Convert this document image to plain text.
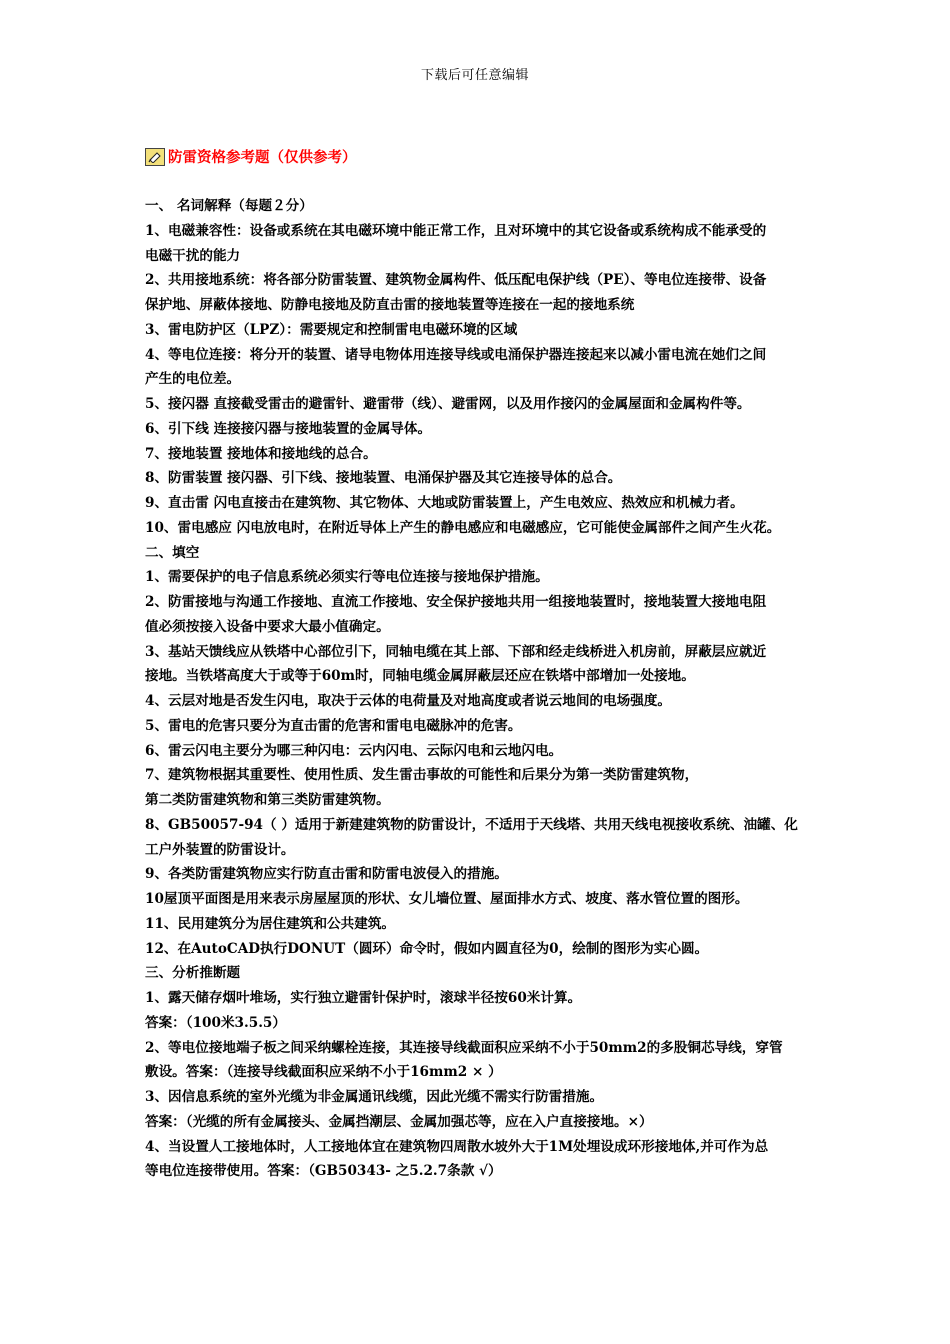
下载后可任意编辑
防雷资格参考题（仅供参考）
一、 名词解释（每题２分）
1、电磁兼容性：设备或系统在其电磁环境中能正常工作，且对环境中的其它设备或系统构成不能承受的
电磁干扰的能力
2、共用接地系统：将各部分防雷装置、建筑物金属构件、低压配电保护线（PE）、等电位连接带、设备
保护地、屏蔽体接地、防静电接地及防直击雷的接地装置等连接在一起的接地系统
3、雷电防护区（LPZ）：需要规定和控制雷电电磁环境的区域
4、等电位连接：将分开的装置、诸导电物体用连接导线或电涌保护器连接起来以减小雷电流在她们之间
产生的电位差。
5、接闪器 直接截受雷击的避雷针、避雷带（线）、避雷网，以及用作接闪的金属屋面和金属构件等。
6、引下线 连接接闪器与接地装置的金属导体。
7、接地装置 接地体和接地线的总合。
8、防雷装置 接闪器、引下线、接地装置、电涌保护器及其它连接导体的总合。
9、直击雷 闪电直接击在建筑物、其它物体、大地或防雷装置上，产生电效应、热效应和机械力者。
10、雷电感应 闪电放电时，在附近导体上产生的静电感应和电磁感应，它可能使金属部件之间产生火花。
二、填空
1、需要保护的电子信息系统必须实行等电位连接与接地保护措施。
2、防雷接地与沟通工作接地、直流工作接地、安全保护接地共用一组接地装置时，接地装置大接地电阻
值必须按接入设备中要求大最小值确定。
3、基站天馈线应从铁塔中心部位引下，同轴电缆在其上部、下部和经走线桥进入机房前，屏蔽层应就近
接地。当铁塔高度大于或等于60m时，同轴电缆金属屏蔽层还应在铁塔中部增加一处接地。
4、云层对地是否发生闪电，取决于云体的电荷量及对地高度或者说云地间的电场强度。
5、雷电的危害只要分为直击雷的危害和雷电电磁脉冲的危害。
6、雷云闪电主要分为哪三种闪电：云内闪电、云际闪电和云地闪电。
7、建筑物根据其重要性、使用性质、发生雷击事故的可能性和后果分为第一类防雷建筑物，
第二类防雷建筑物和第三类防雷建筑物。
8、GB50057-94（ ）适用于新建建筑物的防雷设计，不适用于天线塔、共用天线电视接收系统、油罐、化
工户外装置的防雷设计。
9、各类防雷建筑物应实行防直击雷和防雷电波侵入的措施。
10屋顶平面图是用来表示房屋屋顶的形状、女儿墙位置、屋面排水方式、坡度、落水管位置的图形。
11、民用建筑分为居住建筑和公共建筑。
12、在AutoCAD执行DONUT（圆环）命令时，假如内圆直径为0，绘制的图形为实心圆。
三、分析推断题
1、露天储存烟叶堆场，实行独立避雷针保护时，滚球半径按60米计算。
答案：（100米3.5.5）
2、等电位接地端子板之间采纳螺栓连接，其连接导线截面积应采纳不小于50mm2的多股铜芯导线，穿管
敷设。答案：（连接导线截面积应采纳不小于16mm2 × ）
3、因信息系统的室外光缆为非金属通讯线缆，因此光缆不需实行防雷措施。
答案：（光缆的所有金属接头、金属挡潮层、金属加强芯等，应在入户直接接地。×）
4、当设置人工接地体时，人工接地体宜在建筑物四周散水坡外大于1M处埋设成环形接地体,并可作为总
等电位连接带使用。答案：（GB50343- 之5.2.7条款 √）
